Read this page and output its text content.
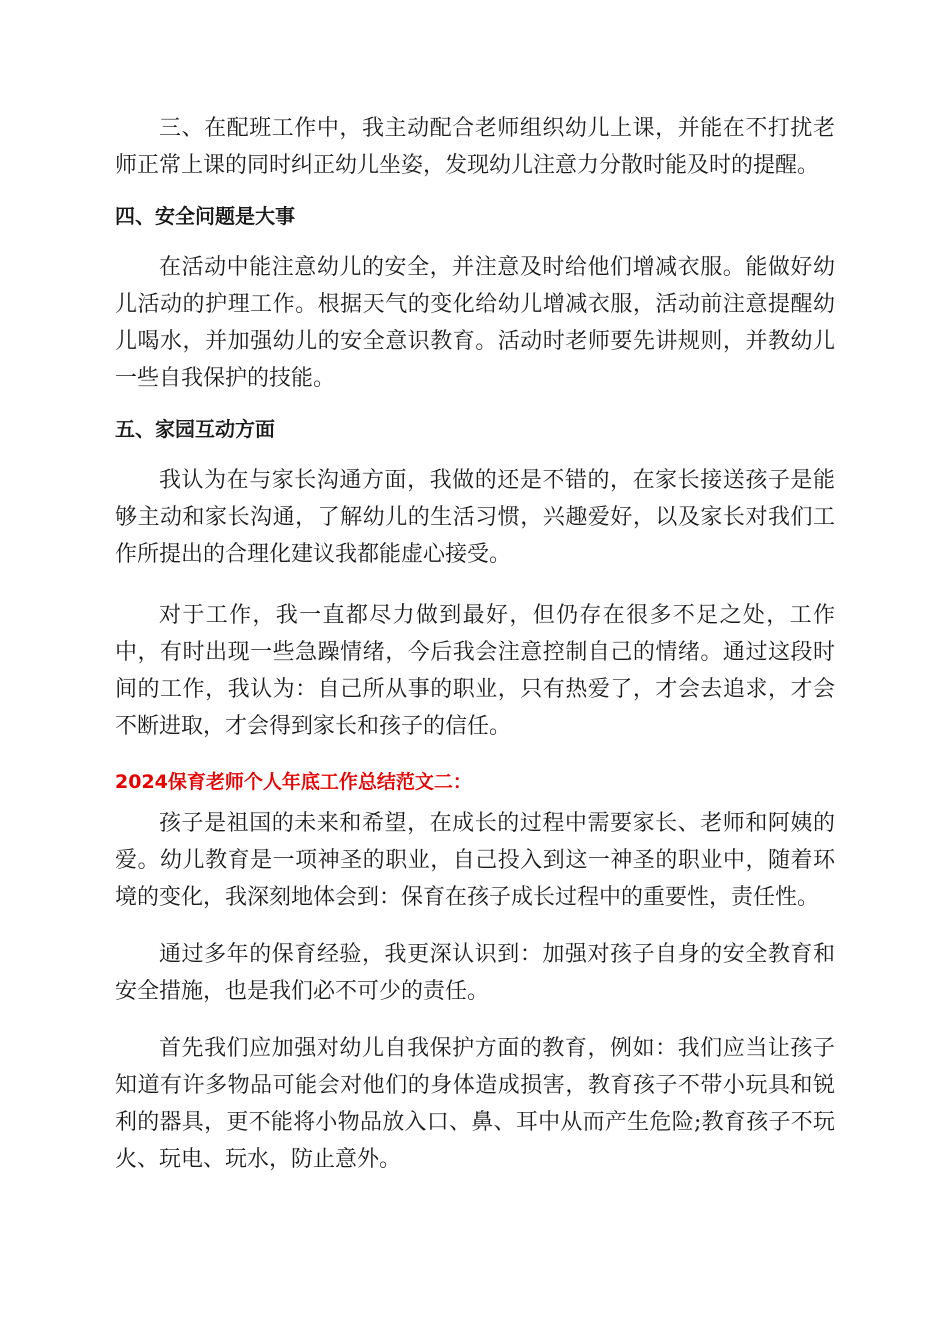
三、在配班工作中，我主动配合老师组织幼儿上课，并能在不打扰老师正常上课的同时纠正幼儿坐姿，发现幼儿注意力分散时能及时的提醒。

四、安全问题是大事

在活动中能注意幼儿的安全，并注意及时给他们增减衣服。能做好幼儿活动的护理工作。根据天气的变化给幼儿增减衣服，活动前注意提醒幼儿喝水，并加强幼儿的安全意识教育。活动时老师要先讲规则，并教幼儿一些自我保护的技能。

五、家园互动方面

我认为在与家长沟通方面，我做的还是不错的，在家长接送孩子是能够主动和家长沟通，了解幼儿的生活习惯，兴趣爱好，以及家长对我们工作所提出的合理化建议我都能虚心接受。

对于工作，我一直都尽力做到最好，但仍存在很多不足之处，工作中，有时出现一些急躁情绪，今后我会注意控制自己的情绪。通过这段时间的工作，我认为：自己所从事的职业，只有热爱了，才会去追求，才会不断进取，才会得到家长和孩子的信任。

2024保育老师个人年底工作总结范文二：

孩子是祖国的未来和希望，在成长的过程中需要家长、老师和阿姨的爱。幼儿教育是一项神圣的职业，自己投入到这一神圣的职业中，随着环境的变化，我深刻地体会到：保育在孩子成长过程中的重要性，责任性。

通过多年的保育经验，我更深认识到：加强对孩子自身的安全教育和安全措施，也是我们必不可少的责任。

首先我们应加强对幼儿自我保护方面的教育，例如：我们应当让孩子知道有许多物品可能会对他们的身体造成损害，教育孩子不带小玩具和锐利的器具，更不能将小物品放入口、鼻、耳中从而产生危险;教育孩子不玩火、玩电、玩水，防止意外。
